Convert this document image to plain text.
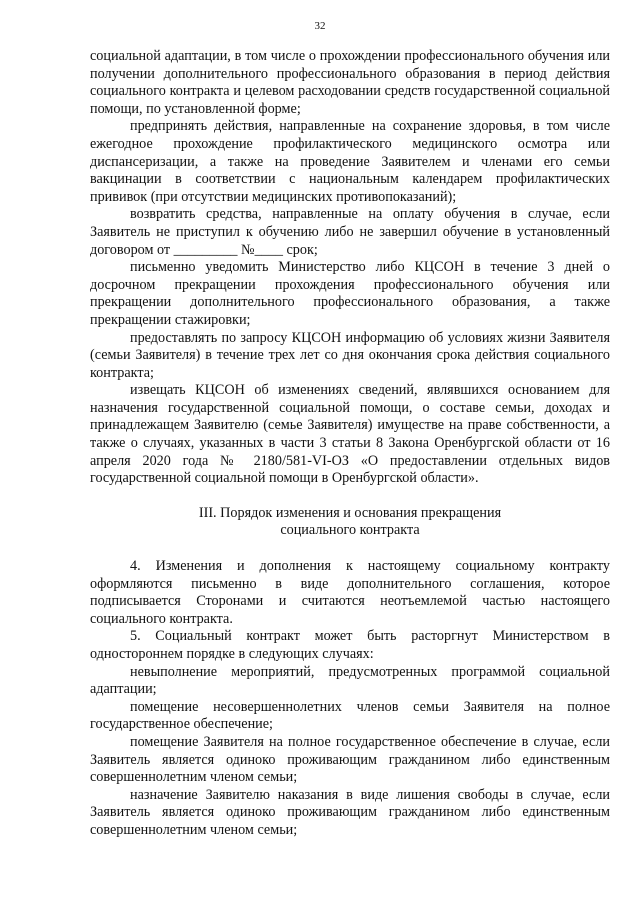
32

социальной адаптации, в том числе о прохождении профессионального обучения или получении дополнительного профессионального образования в период действия социального контракта и целевом расходовании средств государственной социальной помощи, по установленной форме;

предпринять действия, направленные на сохранение здоровья, в том числе ежегодное прохождение профилактического медицинского осмотра или диспансеризации, а также на проведение Заявителем и членами его семьи вакцинации в соответствии с национальным календарем профилактических прививок (при отсутствии медицинских противопоказаний);

возвратить средства, направленные на оплату обучения в случае, если Заявитель не приступил к обучению либо не завершил обучение в установленный договором от _________ №____ срок;

письменно уведомить Министерство либо КЦСОН в течение 3 дней о досрочном прекращении прохождения профессионального обучения или прекращении дополнительного профессионального образования, а также прекращении стажировки;

предоставлять по запросу КЦСОН информацию об условиях жизни Заявителя (семьи Заявителя) в течение трех лет со дня окончания срока действия социального контракта;

извещать КЦСОН об изменениях сведений, являвшихся основанием для назначения государственной социальной помощи, о составе семьи, доходах и принадлежащем Заявителю (семье Заявителя) имуществе на праве собственности, а также о случаях, указанных в части 3 статьи 8 Закона Оренбургской области от 16 апреля 2020 года № 2180/581-VI-ОЗ «О предоставлении отдельных видов государственной социальной помощи в Оренбургской области».

III. Порядок изменения и основания прекращения
социального контракта

4. Изменения и дополнения к настоящему социальному контракту оформляются письменно в виде дополнительного соглашения, которое подписывается Сторонами и считаются неотъемлемой частью настоящего социального контракта.

5. Социальный контракт может быть расторгнут Министерством в одностороннем порядке в следующих случаях:

невыполнение мероприятий, предусмотренных программой социальной адаптации;

помещение несовершеннолетних членов семьи Заявителя на полное государственное обеспечение;

помещение Заявителя на полное государственное обеспечение в случае, если Заявитель является одиноко проживающим гражданином либо единственным совершеннолетним членом семьи;

назначение Заявителю наказания в виде лишения свободы в случае, если Заявитель является одиноко проживающим гражданином либо единственным совершеннолетним членом семьи;
